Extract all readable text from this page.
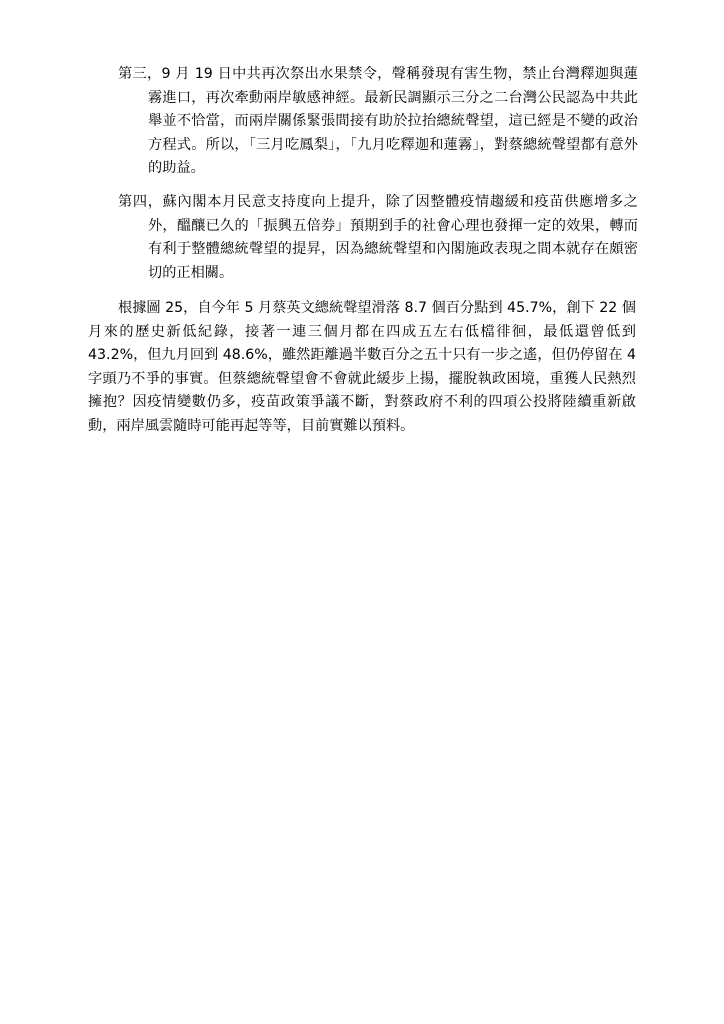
第三，9 月 19 日中共再次祭出水果禁令，聲稱發現有害生物，禁止台灣釋迦與蓮霧進口，再次牽動兩岸敏感神經。最新民調顯示三分之二台灣公民認為中共此舉並不恰當，而兩岸關係緊張間接有助於拉抬總統聲望，這已經是不變的政治方程式。所以，「三月吃鳳梨」，「九月吃釋迦和蓮霧」，對蔡總統聲望都有意外的助益。
第四，蘇內閣本月民意支持度向上提升，除了因整體疫情趨緩和疫苗供應增多之外，醞釀已久的「振興五倍券」預期到手的社會心理也發揮一定的效果，轉而有利于整體總統聲望的提昇，因為總統聲望和內閣施政表現之間本就存在頗密切的正相關。
根據圖 25，自今年 5 月蔡英文總統聲望滑落 8.7 個百分點到 45.7%，創下 22 個月來的歷史新低紀錄，接著一連三個月都在四成五左右低檔徘徊，最低還曾低到 43.2%，但九月回到 48.6%，雖然距離過半數百分之五十只有一步之遙，但仍停留在 4 字頭乃不爭的事實。但蔡總統聲望會不會就此緩步上揚，擺脫執政困境，重獲人民熱烈擁抱？因疫情變數仍多，疫苗政策爭議不斷，對蔡政府不利的四項公投將陸續重新啟動，兩岸風雲隨時可能再起等等，目前實難以預料。
